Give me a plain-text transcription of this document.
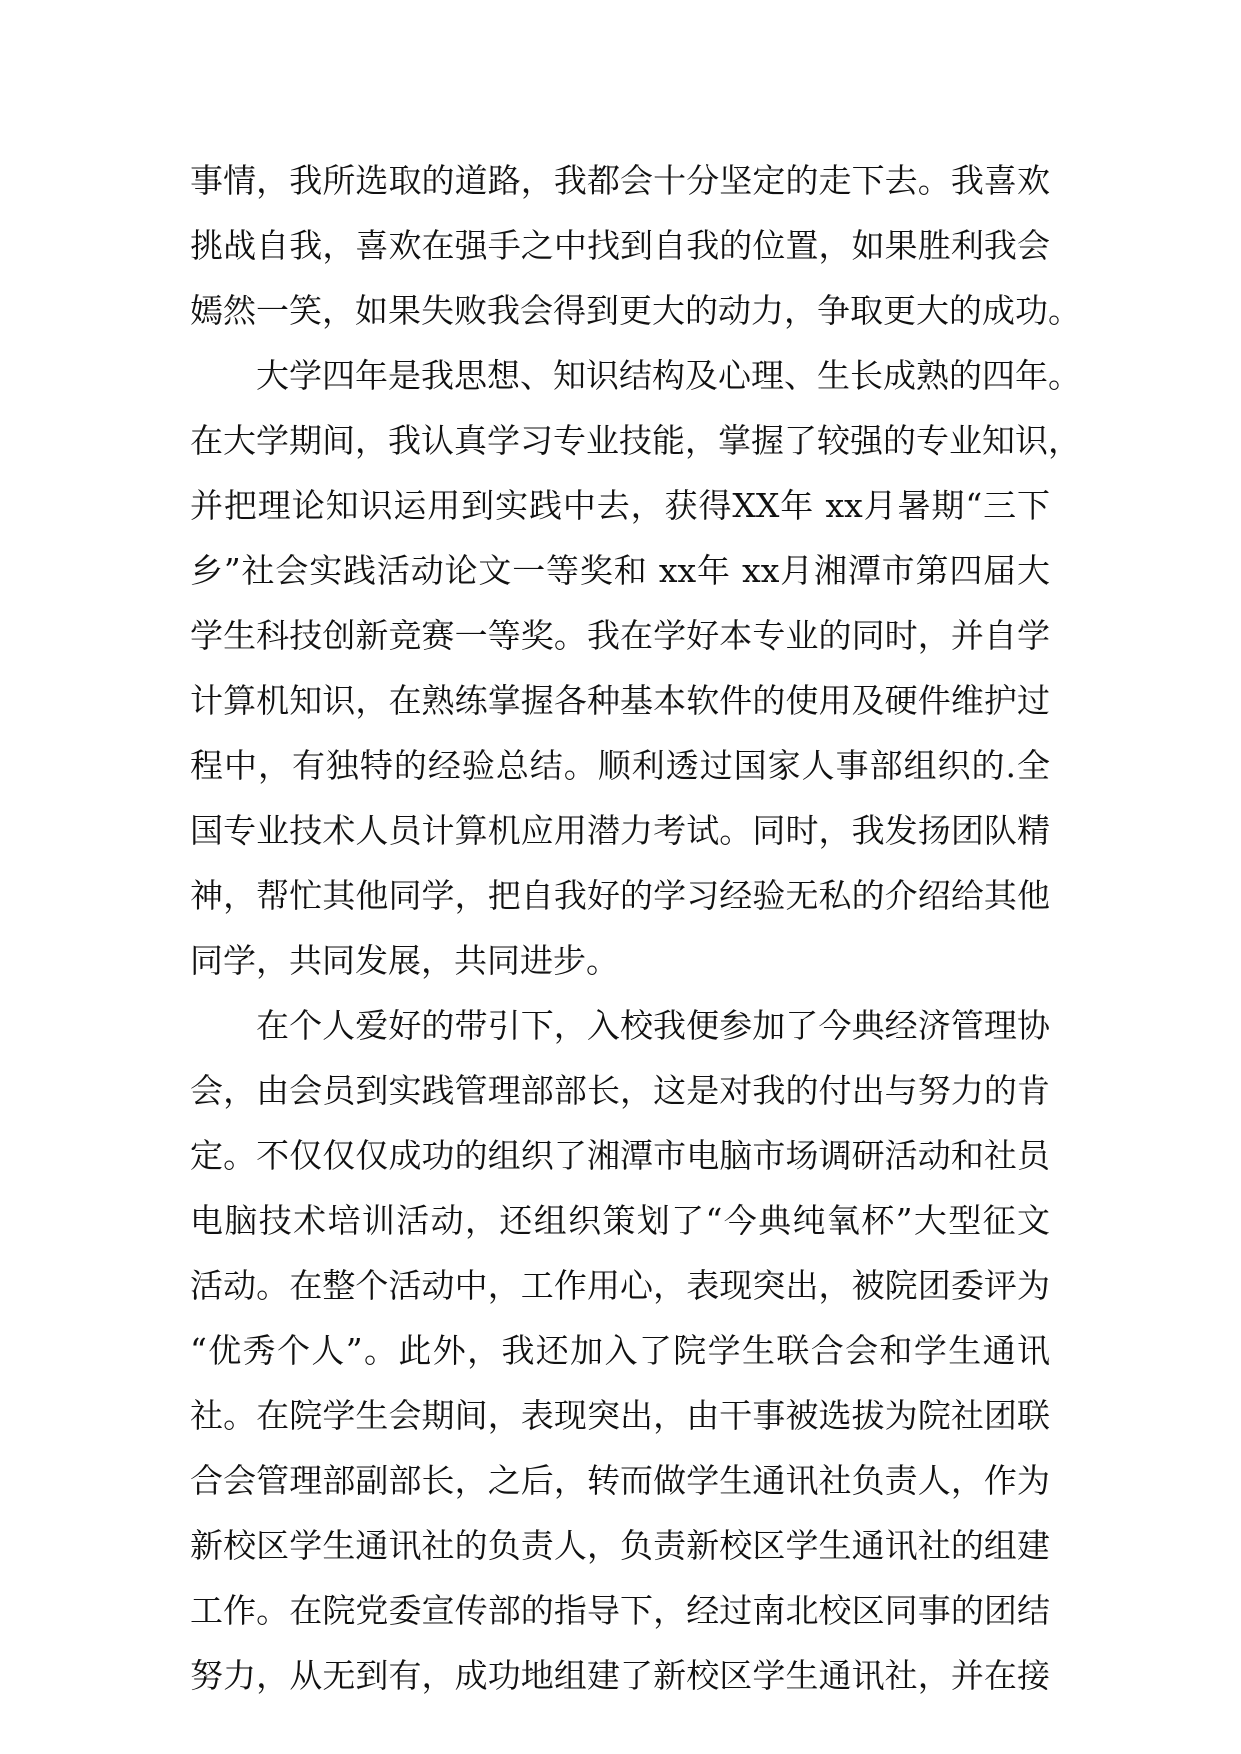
事情，我所选取的道路，我都会十分坚定的走下去。我喜欢
挑战自我，喜欢在强手之中找到自我的位置，如果胜利我会
嫣然一笑，如果失败我会得到更大的动力，争取更大的成功。
大学四年是我思想、知识结构及心理、生长成熟的四年。
在大学期间，我认真学习专业技能，掌握了较强的专业知识，
并把理论知识运用到实践中去，获得XX年 xx月暑期“三下
乡”社会实践活动论文一等奖和 xx年 xx月湘潭市第四届大
学生科技创新竞赛一等奖。我在学好本专业的同时，并自学
计算机知识，在熟练掌握各种基本软件的使用及硬件维护过
程中，有独特的经验总结。顺利透过国家人事部组织的.全
国专业技术人员计算机应用潜力考试。同时，我发扬团队精
神，帮忙其他同学，把自我好的学习经验无私的介绍给其他
同学，共同发展，共同进步。
在个人爱好的带引下，入校我便参加了今典经济管理协
会，由会员到实践管理部部长，这是对我的付出与努力的肯
定。不仅仅仅成功的组织了湘潭市电脑市场调研活动和社员
电脑技术培训活动，还组织策划了“今典纯氧杯”大型征文
活动。在整个活动中，工作用心，表现突出，被院团委评为
“优秀个人”。此外，我还加入了院学生联合会和学生通讯
社。在院学生会期间，表现突出，由干事被选拔为院社团联
合会管理部副部长，之后，转而做学生通讯社负责人，作为
新校区学生通讯社的负责人，负责新校区学生通讯社的组建
工作。在院党委宣传部的指导下，经过南北校区同事的团结
努力，从无到有，成功地组建了新校区学生通讯社，并在接
